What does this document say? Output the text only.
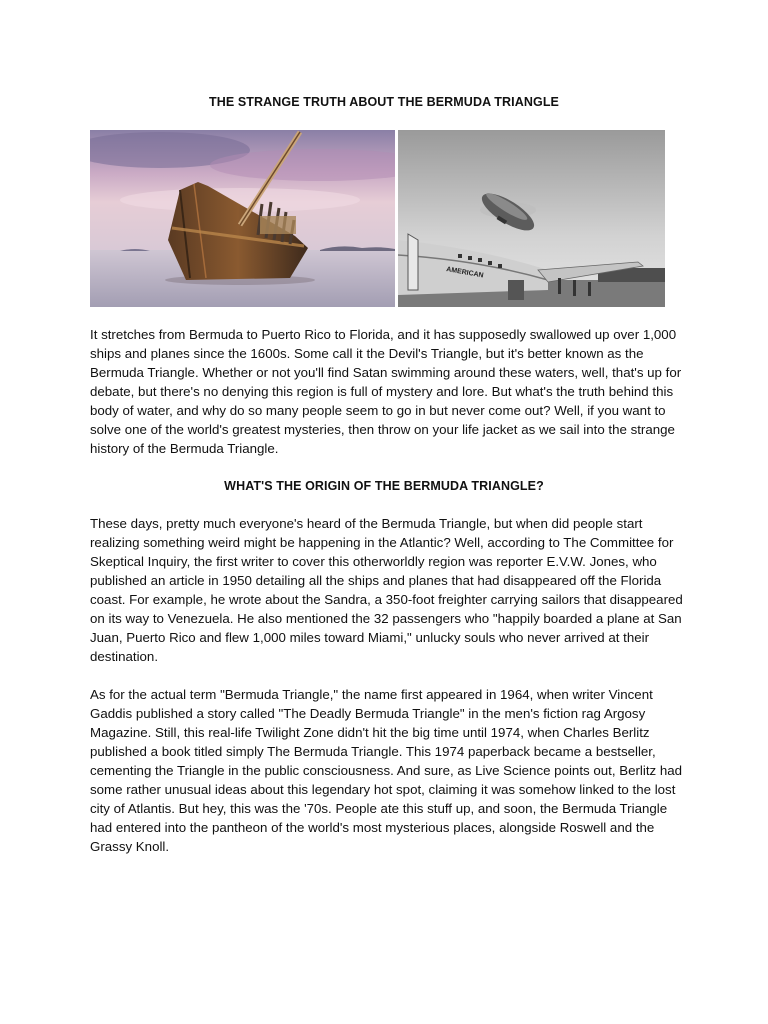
THE STRANGE TRUTH ABOUT THE BERMUDA TRIANGLE
AMERICAN

It stretches from Bermuda to Puerto Rico to Florida, and it has supposedly swallowed up over 1,000 ships and planes since the 1600s. Some call it the Devil's Triangle, but it's better known as the Bermuda Triangle. Whether or not you'll find Satan swimming around these waters, well, that's up for debate, but there's no denying this region is full of mystery and lore. But what's the truth behind this body of water, and why do so many people seem to go in but never come out? Well, if you want to solve one of the world's greatest mysteries, then throw on your life jacket as we sail into the strange history of the Bermuda Triangle.

WHAT'S THE ORIGIN OF THE BERMUDA TRIANGLE?

These days, pretty much everyone's heard of the Bermuda Triangle, but when did people start realizing something weird might be happening in the Atlantic? Well, according to The Committee for Skeptical Inquiry, the first writer to cover this otherworldly region was reporter E.V.W. Jones, who published an article in 1950 detailing all the ships and planes that had disappeared off the Florida coast. For example, he wrote about the Sandra, a 350-foot freighter carrying sailors that disappeared on its way to Venezuela. He also mentioned the 32 passengers who "happily boarded a plane at San Juan, Puerto Rico and flew 1,000 miles toward Miami," unlucky souls who never arrived at their destination.

As for the actual term "Bermuda Triangle," the name first appeared in 1964, when writer Vincent Gaddis published a story called "The Deadly Bermuda Triangle" in the men's fiction rag Argosy Magazine. Still, this real-life Twilight Zone didn't hit the big time until 1974, when Charles Berlitz published a book titled simply The Bermuda Triangle. This 1974 paperback became a bestseller, cementing the Triangle in the public consciousness. And sure, as Live Science points out, Berlitz had some rather unusual ideas about this legendary hot spot, claiming it was somehow linked to the lost city of Atlantis. But hey, this was the '70s. People ate this stuff up, and soon, the Bermuda Triangle had entered into the pantheon of the world's most mysterious places, alongside Roswell and the Grassy Knoll.
